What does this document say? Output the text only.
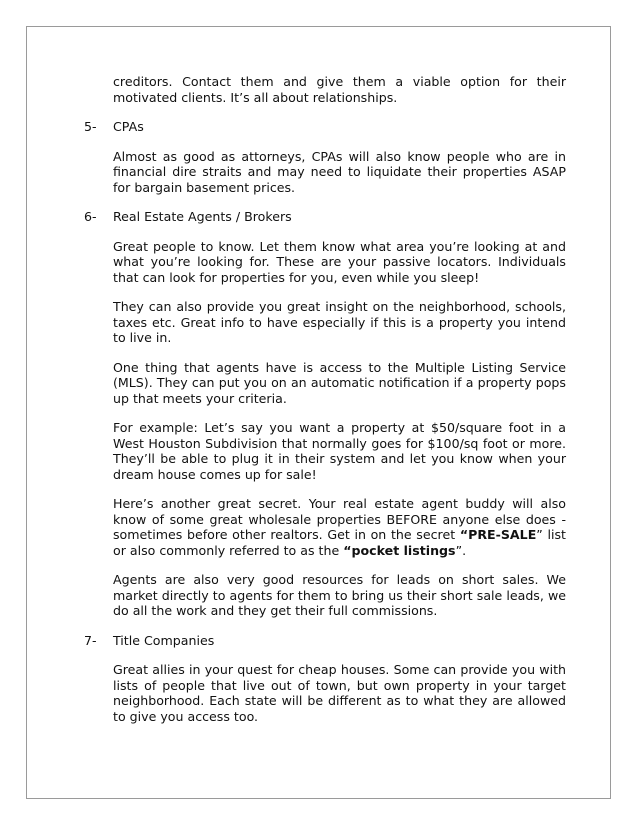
creditors. Contact them and give them a viable option for their motivated clients. It’s all about relationships.

5- CPAs

Almost as good as attorneys, CPAs will also know people who are in financial dire straits and may need to liquidate their properties ASAP for bargain basement prices.

6- Real Estate Agents / Brokers

Great people to know. Let them know what area you’re looking at and what you’re looking for. These are your passive locators. Individuals that can look for properties for you, even while you sleep!

They can also provide you great insight on the neighborhood, schools, taxes etc. Great info to have especially if this is a property you intend to live in.

One thing that agents have is access to the Multiple Listing Service (MLS). They can put you on an automatic notification if a property pops up that meets your criteria.

For example: Let’s say you want a property at $50/square foot in a West Houston Subdivision that normally goes for $100/sq foot or more. They’ll be able to plug it in their system and let you know when your dream house comes up for sale!

Here’s another great secret. Your real estate agent buddy will also know of some great wholesale properties BEFORE anyone else does - sometimes before other realtors. Get in on the secret “PRE-SALE” list or also commonly referred to as the “pocket listings”.

Agents are also very good resources for leads on short sales. We market directly to agents for them to bring us their short sale leads, we do all the work and they get their full commissions.

7- Title Companies

Great allies in your quest for cheap houses. Some can provide you with lists of people that live out of town, but own property in your target neighborhood. Each state will be different as to what they are allowed to give you access too.
